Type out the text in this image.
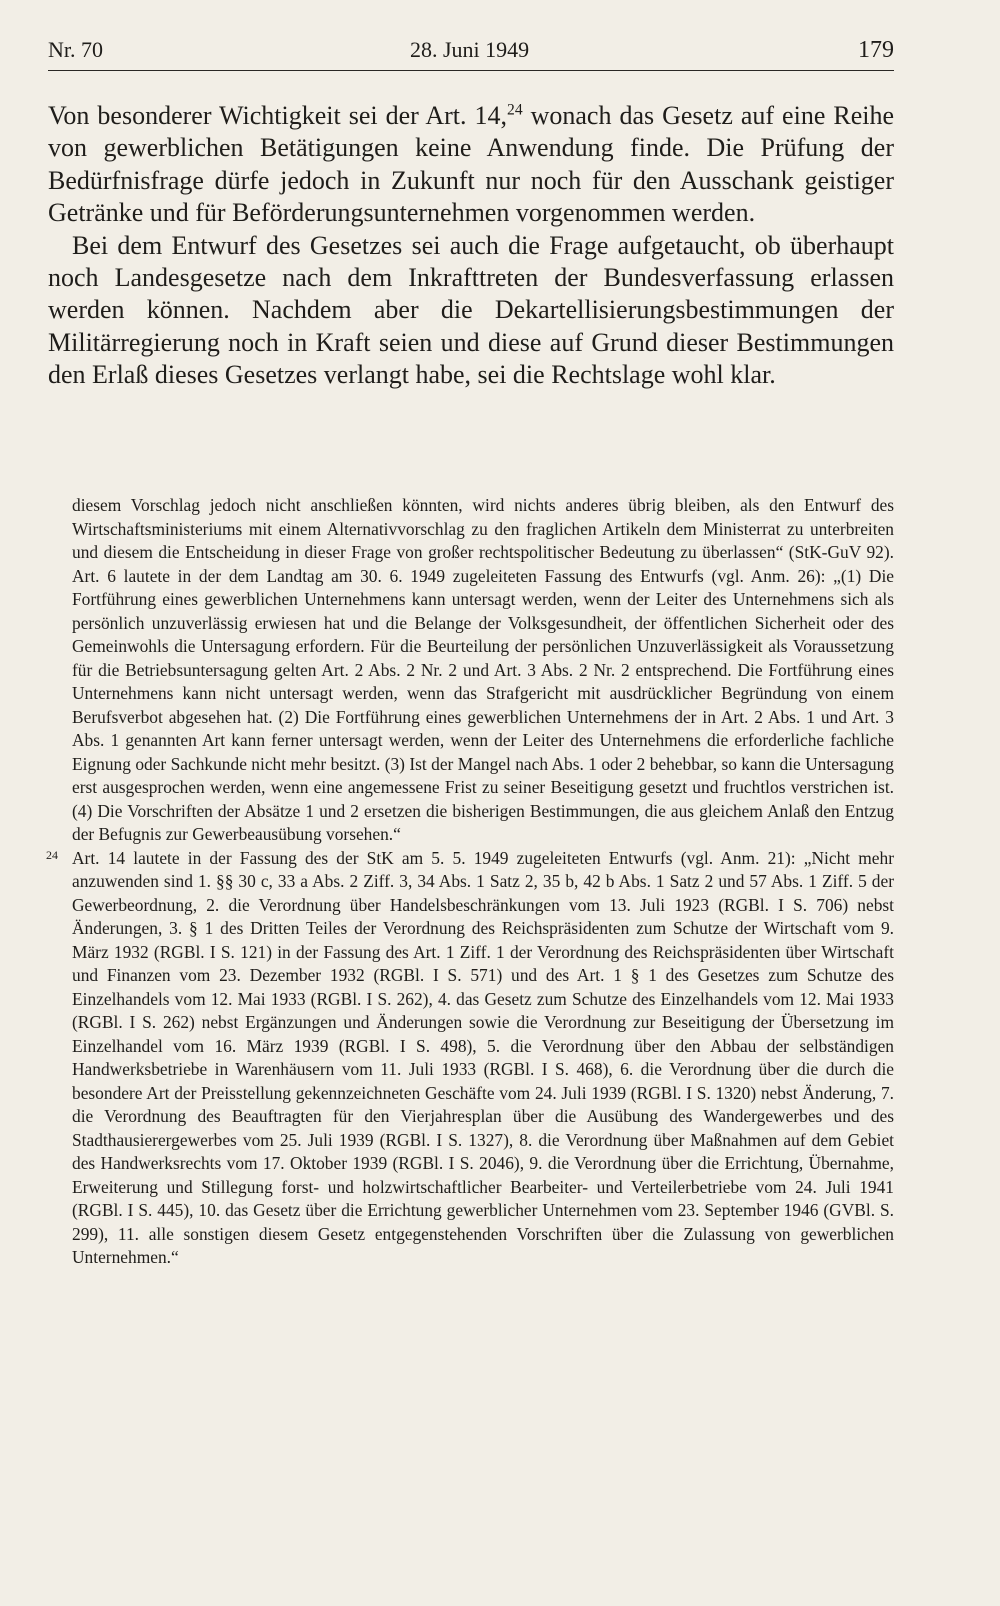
Nr. 70	28. Juni 1949	179

Von besonderer Wichtigkeit sei der Art. 14,24 wonach das Gesetz auf eine Reihe von gewerblichen Betätigungen keine Anwendung finde. Die Prüfung der Bedürfnisfrage dürfe jedoch in Zukunft nur noch für den Ausschank geistiger Getränke und für Beförderungsunternehmen vorgenommen werden.

Bei dem Entwurf des Gesetzes sei auch die Frage aufgetaucht, ob überhaupt noch Landesgesetze nach dem Inkrafttreten der Bundesverfassung erlassen werden können. Nachdem aber die Dekartellisierungsbestimmungen der Militärregierung noch in Kraft seien und diese auf Grund dieser Bestimmungen den Erlaß dieses Gesetzes verlangt habe, sei die Rechtslage wohl klar.

diesem Vorschlag jedoch nicht anschließen könnten, wird nichts anderes übrig bleiben, als den Entwurf des Wirtschaftsministeriums mit einem Alternativvorschlag zu den fraglichen Artikeln dem Ministerrat zu unterbreiten und diesem die Entscheidung in dieser Frage von großer rechtspolitischer Bedeutung zu überlassen“ (StK-GuV 92). Art. 6 lautete in der dem Landtag am 30. 6. 1949 zugeleiteten Fassung des Entwurfs (vgl. Anm. 26): „(1) Die Fortführung eines gewerblichen Unternehmens kann untersagt werden, wenn der Leiter des Unternehmens sich als persönlich unzuverlässig erwiesen hat und die Belange der Volksgesundheit, der öffentlichen Sicherheit oder des Gemeinwohls die Untersagung erfordern. Für die Beurteilung der persönlichen Unzuverlässigkeit als Voraussetzung für die Betriebsuntersagung gelten Art. 2 Abs. 2 Nr. 2 und Art. 3 Abs. 2 Nr. 2 entsprechend. Die Fortführung eines Unternehmens kann nicht untersagt werden, wenn das Strafgericht mit ausdrücklicher Begründung von einem Berufsverbot abgesehen hat. (2) Die Fortführung eines gewerblichen Unternehmens der in Art. 2 Abs. 1 und Art. 3 Abs. 1 genannten Art kann ferner untersagt werden, wenn der Leiter des Unternehmens die erforderliche fachliche Eignung oder Sachkunde nicht mehr besitzt. (3) Ist der Mangel nach Abs. 1 oder 2 behebbar, so kann die Untersagung erst ausgesprochen werden, wenn eine angemessene Frist zu seiner Beseitigung gesetzt und fruchtlos verstrichen ist. (4) Die Vorschriften der Absätze 1 und 2 ersetzen die bisherigen Bestimmungen, die aus gleichem Anlaß den Entzug der Befugnis zur Gewerbeausübung vorsehen.“

24 Art. 14 lautete in der Fassung des der StK am 5. 5. 1949 zugeleiteten Entwurfs (vgl. Anm. 21): „Nicht mehr anzuwenden sind 1. §§ 30 c, 33 a Abs. 2 Ziff. 3, 34 Abs. 1 Satz 2, 35 b, 42 b Abs. 1 Satz 2 und 57 Abs. 1 Ziff. 5 der Gewerbeordnung, 2. die Verordnung über Handelsbeschränkungen vom 13. Juli 1923 (RGBl. I S. 706) nebst Änderungen, 3. § 1 des Dritten Teiles der Verordnung des Reichspräsidenten zum Schutze der Wirtschaft vom 9. März 1932 (RGBl. I S. 121) in der Fassung des Art. 1 Ziff. 1 der Verordnung des Reichspräsidenten über Wirtschaft und Finanzen vom 23. Dezember 1932 (RGBl. I S. 571) und des Art. 1 § 1 des Gesetzes zum Schutze des Einzelhandels vom 12. Mai 1933 (RGBl. I S. 262), 4. das Gesetz zum Schutze des Einzelhandels vom 12. Mai 1933 (RGBl. I S. 262) nebst Ergänzungen und Änderungen sowie die Verordnung zur Beseitigung der Übersetzung im Einzelhandel vom 16. März 1939 (RGBl. I S. 498), 5. die Verordnung über den Abbau der selbständigen Handwerksbetriebe in Warenhäusern vom 11. Juli 1933 (RGBl. I S. 468), 6. die Verordnung über die durch die besondere Art der Preisstellung gekennzeichneten Geschäfte vom 24. Juli 1939 (RGBl. I S. 1320) nebst Änderung, 7. die Verordnung des Beauftragten für den Vierjahresplan über die Ausübung des Wandergewerbes und des Stadthausierergewerbes vom 25. Juli 1939 (RGBl. I S. 1327), 8. die Verordnung über Maßnahmen auf dem Gebiet des Handwerksrechts vom 17. Oktober 1939 (RGBl. I S. 2046), 9. die Verordnung über die Errichtung, Übernahme, Erweiterung und Stillegung forst- und holzwirtschaftlicher Bearbeiter- und Verteilerbetriebe vom 24. Juli 1941 (RGBl. I S. 445), 10. das Gesetz über die Errichtung gewerblicher Unternehmen vom 23. September 1946 (GVBl. S. 299), 11. alle sonstigen diesem Gesetz entgegenstehenden Vorschriften über die Zulassung von gewerblichen Unternehmen.“
